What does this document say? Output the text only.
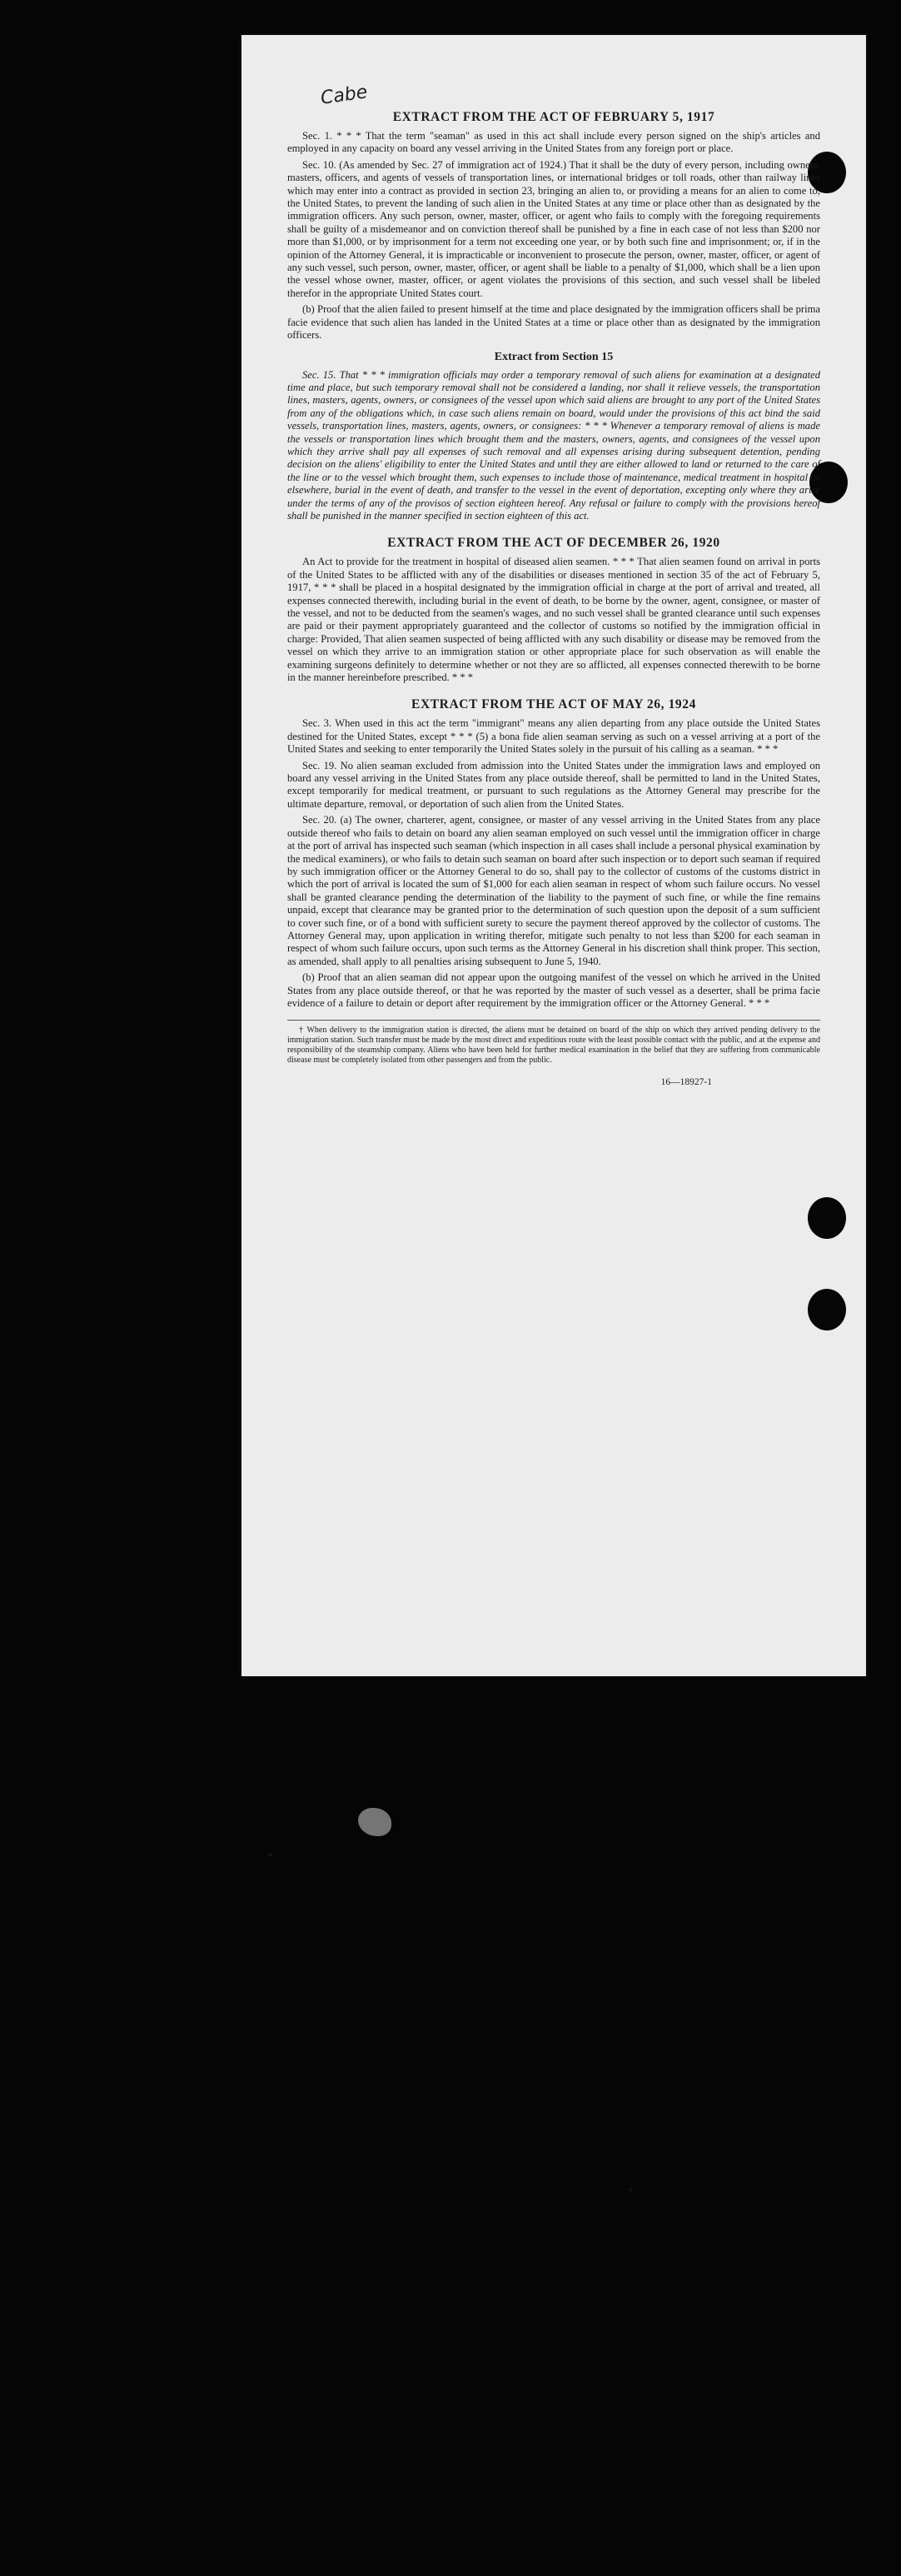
Cabe
EXTRACT FROM THE ACT OF FEBRUARY 5, 1917

Sec. 1. * * * That the term "seaman" as used in this act shall include every person signed on the ship's articles and employed in any capacity on board any vessel arriving in the United States from any foreign port or place.

Sec. 10. (As amended by Sec. 27 of immigration act of 1924.) That it shall be the duty of every person, including owners, masters, officers, and agents of vessels of transportation lines, or international bridges or toll roads, other than railway lines which may enter into a contract as provided in section 23, bringing an alien to, or providing a means for an alien to come to, the United States, to prevent the landing of such alien in the United States at any time or place other than as designated by the immigration officers. Any such person, owner, master, officer, or agent who fails to comply with the foregoing requirements shall be guilty of a misdemeanor and on conviction thereof shall be punished by a fine in each case of not less than $200 nor more than $1,000, or by imprisonment for a term not exceeding one year, or by both such fine and imprisonment; or, if in the opinion of the Attorney General, it is impracticable or inconvenient to prosecute the person, owner, master, officer, or agent of any such vessel, such person, owner, master, officer, or agent shall be liable to a penalty of $1,000, which shall be a lien upon the vessel whose owner, master, officer, or agent violates the provisions of this section, and such vessel shall be libeled therefor in the appropriate United States court.

(b) Proof that the alien failed to present himself at the time and place designated by the immigration officers shall be prima facie evidence that such alien has landed in the United States at a time or place other than as designated by the immigration officers.

Extract from Section 15

Sec. 15. That * * * immigration officials may order a temporary removal of such aliens for examination at a designated time and place, but such temporary removal shall not be considered a landing, nor shall it relieve vessels, the transportation lines, masters, agents, owners, or consignees of the vessel upon which said aliens are brought to any port of the United States from any of the obligations which, in case such aliens remain on board, would under the provisions of this act bind the said vessels, transportation lines, masters, agents, owners, or consignees: * * * Whenever a temporary removal of aliens is made the vessels or transportation lines which brought them and the masters, owners, agents, and consignees of the vessel upon which they arrive shall pay all expenses of such removal and all expenses arising during subsequent detention, pending decision on the aliens' eligibility to enter the United States and until they are either allowed to land or returned to the care of the line or to the vessel which brought them, such expenses to include those of maintenance, medical treatment in hospital or elsewhere, burial in the event of death, and transfer to the vessel in the event of deportation, excepting only where they arise under the terms of any of the provisos of section eighteen hereof. Any refusal or failure to comply with the provisions hereof shall be punished in the manner specified in section eighteen of this act.

EXTRACT FROM THE ACT OF DECEMBER 26, 1920

An Act to provide for the treatment in hospital of diseased alien seamen. * * * That alien seamen found on arrival in ports of the United States to be afflicted with any of the disabilities or diseases mentioned in section 35 of the act of February 5, 1917, * * * shall be placed in a hospital designated by the immigration official in charge at the port of arrival and treated, all expenses connected therewith, including burial in the event of death, to be borne by the owner, agent, consignee, or master of the vessel, and not to be deducted from the seamen's wages, and no such vessel shall be granted clearance until such expenses are paid or their payment appropriately guaranteed and the collector of customs so notified by the immigration official in charge: Provided, That alien seamen suspected of being afflicted with any such disability or disease may be removed from the vessel on which they arrive to an immigration station or other appropriate place for such observation as will enable the examining surgeons definitely to determine whether or not they are so afflicted, all expenses connected therewith to be borne in the manner hereinbefore prescribed. * * *

EXTRACT FROM THE ACT OF MAY 26, 1924

Sec. 3. When used in this act the term "immigrant" means any alien departing from any place outside the United States destined for the United States, except * * * (5) a bona fide alien seaman serving as such on a vessel arriving at a port of the United States and seeking to enter temporarily the United States solely in the pursuit of his calling as a seaman. * * *

Sec. 19. No alien seaman excluded from admission into the United States under the immigration laws and employed on board any vessel arriving in the United States from any place outside thereof, shall be permitted to land in the United States, except temporarily for medical treatment, or pursuant to such regulations as the Attorney General may prescribe for the ultimate departure, removal, or deportation of such alien from the United States.

Sec. 20. (a) The owner, charterer, agent, consignee, or master of any vessel arriving in the United States from any place outside thereof who fails to detain on board any alien seaman employed on such vessel until the immigration officer in charge at the port of arrival has inspected such seaman (which inspection in all cases shall include a personal physical examination by the medical examiners), or who fails to detain such seaman on board after such inspection or to deport such seaman if required by such immigration officer or the Attorney General to do so, shall pay to the collector of customs of the customs district in which the port of arrival is located the sum of $1,000 for each alien seaman in respect of whom such failure occurs. No vessel shall be granted clearance pending the determination of the liability to the payment of such fine, or while the fine remains unpaid, except that clearance may be granted prior to the determination of such question upon the deposit of a sum sufficient to cover such fine, or of a bond with sufficient surety to secure the payment thereof approved by the collector of customs. The Attorney General may, upon application in writing therefor, mitigate such penalty to not less than $200 for each seaman in respect of whom such failure occurs, upon such terms as the Attorney General in his discretion shall think proper. This section, as amended, shall apply to all penalties arising subsequent to June 5, 1940.

(b) Proof that an alien seaman did not appear upon the outgoing manifest of the vessel on which he arrived in the United States from any place outside thereof, or that he was reported by the master of such vessel as a deserter, shall be prima facie evidence of a failure to detain or deport after requirement by the immigration officer or the Attorney General. * * *

† When delivery to the immigration station is directed, the aliens must be detained on board of the ship on which they arrived pending delivery to the immigration station. Such transfer must be made by the most direct and expeditious route with the least possible contact with the public, and at the expense and responsibility of the steamship company. Aliens who have been held for further medical examination in the belief that they are suffering from communicable disease must be completely isolated from other passengers and from the public.

16—18927-1
